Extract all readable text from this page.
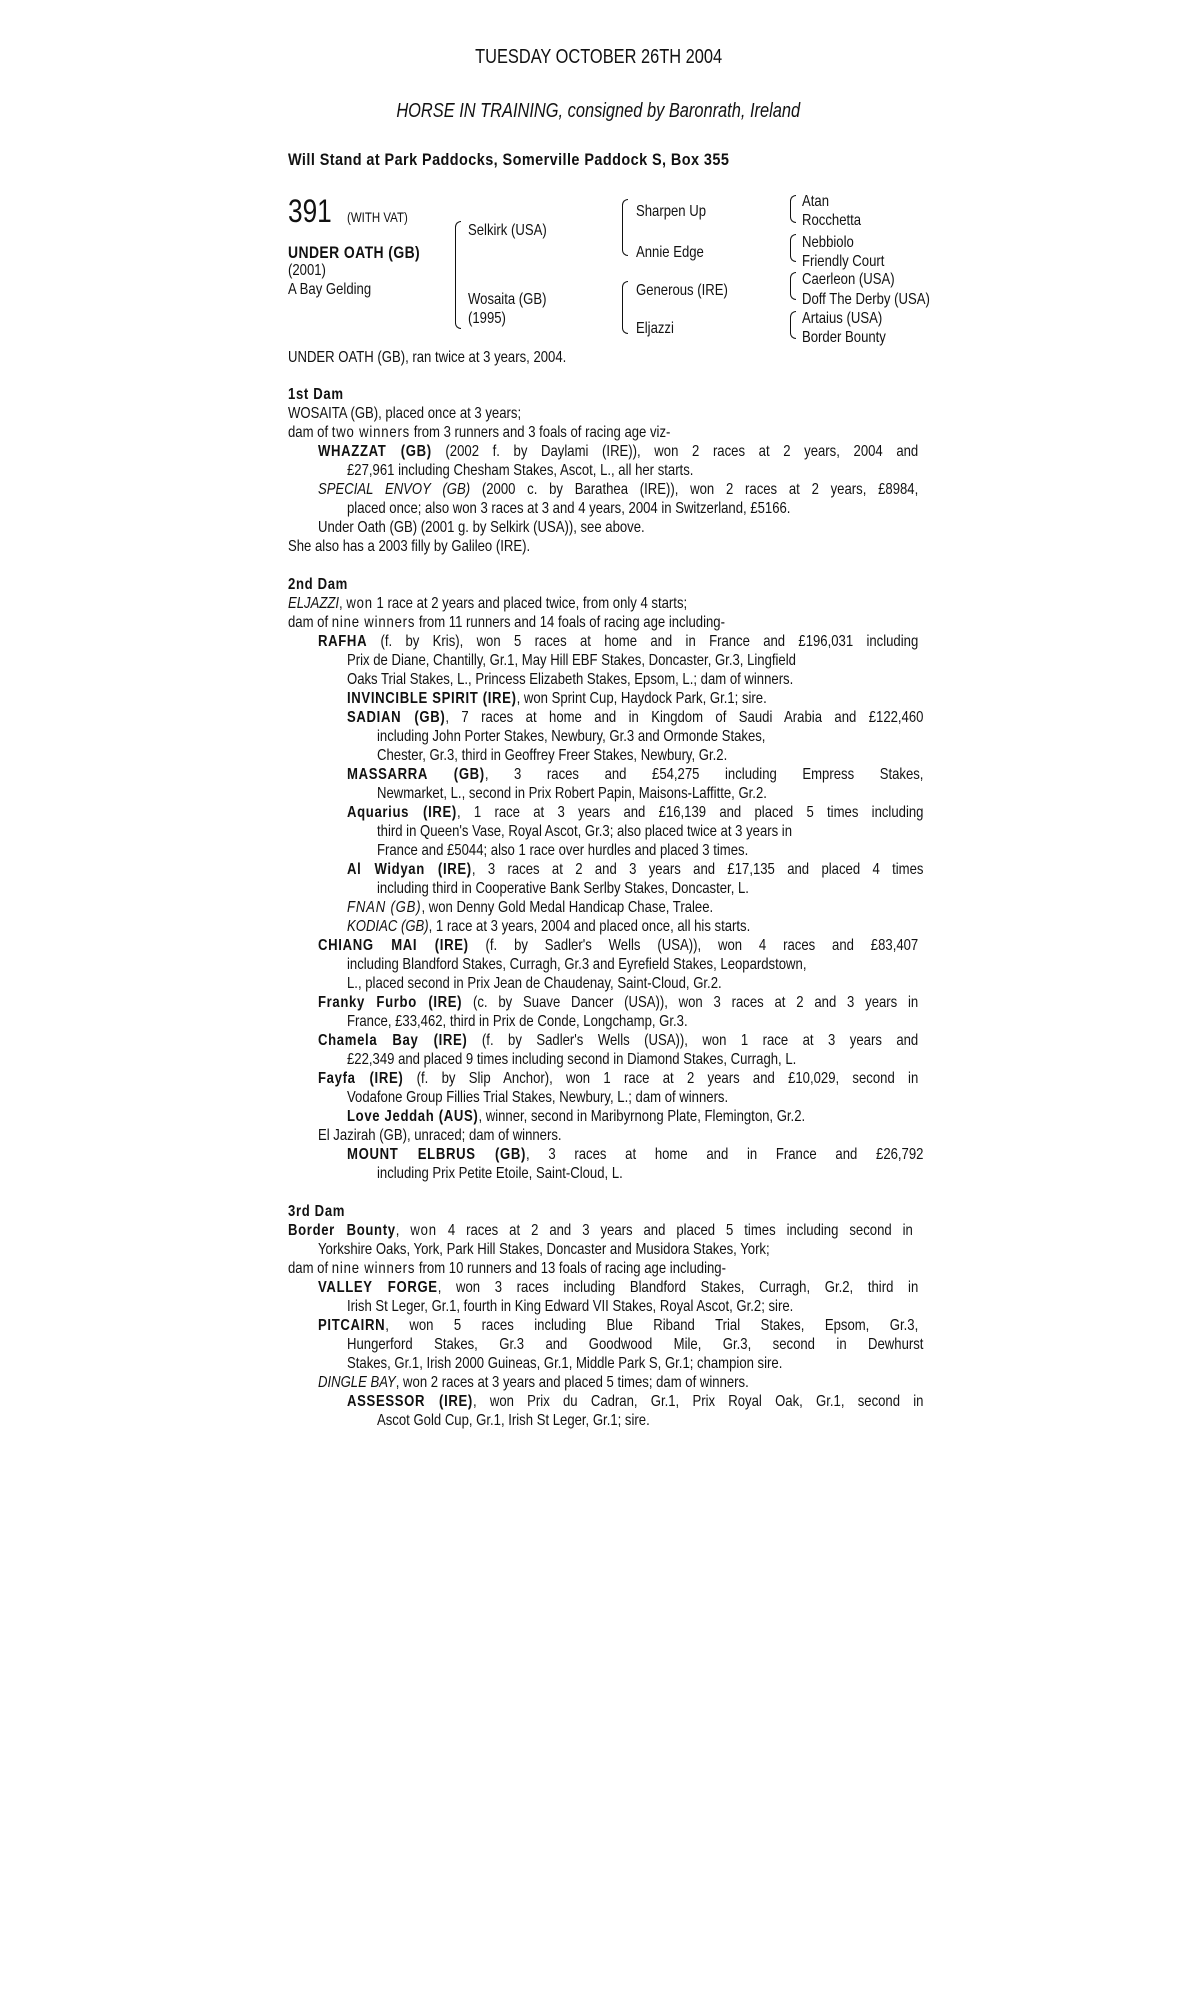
TUESDAY OCTOBER 26TH 2004
HORSE IN TRAINING, consigned by Baronrath, Ireland
Will Stand at Park Paddocks, Somerville Paddock S, Box 355
391 (WITH VAT)
UNDER OATH (GB)
(2001)
A Bay Gelding
Selkirk (USA)
Wosaita (GB)
(1995)
Sharpen Up
Annie Edge
Generous (IRE)
Eljazzi
Atan
Rocchetta
Nebbiolo
Friendly Court
Caerleon (USA)
Doff The Derby (USA)
Artaius (USA)
Border Bounty
UNDER OATH (GB), ran twice at 3 years, 2004.
1st Dam
WOSAITA (GB), placed once at 3 years;
dam of two winners from 3 runners and 3 foals of racing age viz-
WHAZZAT (GB) (2002 f. by Daylami (IRE)), won 2 races at 2 years, 2004 and
£27,961 including Chesham Stakes, Ascot, L., all her starts.
SPECIAL ENVOY (GB) (2000 c. by Barathea (IRE)), won 2 races at 2 years, £8984,
placed once; also won 3 races at 3 and 4 years, 2004 in Switzerland, £5166.
Under Oath (GB) (2001 g. by Selkirk (USA)), see above.
She also has a 2003 filly by Galileo (IRE).
2nd Dam
ELJAZZI, won 1 race at 2 years and placed twice, from only 4 starts;
dam of nine winners from 11 runners and 14 foals of racing age including-
RAFHA (f. by Kris), won 5 races at home and in France and £196,031 including
Prix de Diane, Chantilly, Gr.1, May Hill EBF Stakes, Doncaster, Gr.3, Lingfield
Oaks Trial Stakes, L., Princess Elizabeth Stakes, Epsom, L.; dam of winners.
INVINCIBLE SPIRIT (IRE), won Sprint Cup, Haydock Park, Gr.1; sire.
SADIAN (GB), 7 races at home and in Kingdom of Saudi Arabia and £122,460
including John Porter Stakes, Newbury, Gr.3 and Ormonde Stakes,
Chester, Gr.3, third in Geoffrey Freer Stakes, Newbury, Gr.2.
MASSARRA (GB), 3 races and £54,275 including Empress Stakes,
Newmarket, L., second in Prix Robert Papin, Maisons-Laffitte, Gr.2.
Aquarius (IRE), 1 race at 3 years and £16,139 and placed 5 times including
third in Queen's Vase, Royal Ascot, Gr.3; also placed twice at 3 years in
France and £5044; also 1 race over hurdles and placed 3 times.
Al Widyan (IRE), 3 races at 2 and 3 years and £17,135 and placed 4 times
including third in Cooperative Bank Serlby Stakes, Doncaster, L.
FNAN (GB), won Denny Gold Medal Handicap Chase, Tralee.
KODIAC (GB), 1 race at 3 years, 2004 and placed once, all his starts.
CHIANG MAI (IRE) (f. by Sadler's Wells (USA)), won 4 races and £83,407
including Blandford Stakes, Curragh, Gr.3 and Eyrefield Stakes, Leopardstown,
L., placed second in Prix Jean de Chaudenay, Saint-Cloud, Gr.2.
Franky Furbo (IRE) (c. by Suave Dancer (USA)), won 3 races at 2 and 3 years in
France, £33,462, third in Prix de Conde, Longchamp, Gr.3.
Chamela Bay (IRE) (f. by Sadler's Wells (USA)), won 1 race at 3 years and
£22,349 and placed 9 times including second in Diamond Stakes, Curragh, L.
Fayfa (IRE) (f. by Slip Anchor), won 1 race at 2 years and £10,029, second in
Vodafone Group Fillies Trial Stakes, Newbury, L.; dam of winners.
Love Jeddah (AUS), winner, second in Maribyrnong Plate, Flemington, Gr.2.
El Jazirah (GB), unraced; dam of winners.
MOUNT ELBRUS (GB), 3 races at home and in France and £26,792
including Prix Petite Etoile, Saint-Cloud, L.
3rd Dam
Border Bounty, won 4 races at 2 and 3 years and placed 5 times including second in
Yorkshire Oaks, York, Park Hill Stakes, Doncaster and Musidora Stakes, York;
dam of nine winners from 10 runners and 13 foals of racing age including-
VALLEY FORGE, won 3 races including Blandford Stakes, Curragh, Gr.2, third in
Irish St Leger, Gr.1, fourth in King Edward VII Stakes, Royal Ascot, Gr.2; sire.
PITCAIRN, won 5 races including Blue Riband Trial Stakes, Epsom, Gr.3,
Hungerford Stakes, Gr.3 and Goodwood Mile, Gr.3, second in Dewhurst
Stakes, Gr.1, Irish 2000 Guineas, Gr.1, Middle Park S, Gr.1; champion sire.
DINGLE BAY, won 2 races at 3 years and placed 5 times; dam of winners.
ASSESSOR (IRE), won Prix du Cadran, Gr.1, Prix Royal Oak, Gr.1, second in
Ascot Gold Cup, Gr.1, Irish St Leger, Gr.1; sire.
